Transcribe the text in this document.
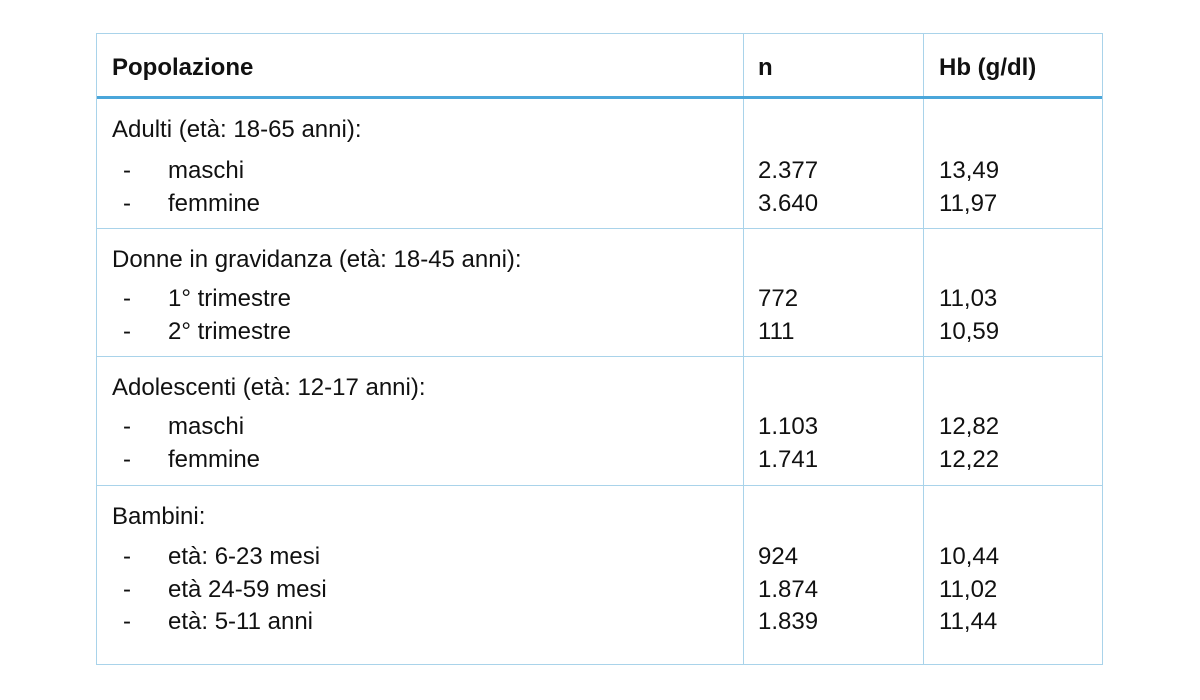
Popolazione	n	Hb (g/dl)
Adulti (età: 18-65 anni):
- maschi	2.377	13,49
- femmine	3.640	11,97
Donne in gravidanza (età: 18-45 anni):
- 1° trimestre	772	11,03
- 2° trimestre	111	10,59
Adolescenti (età: 12-17 anni):
- maschi	1.103	12,82
- femmine	1.741	12,22
Bambini:
- età: 6-23 mesi	924	10,44
- età 24-59 mesi	1.874	11,02
- età: 5-11 anni	1.839	11,44
